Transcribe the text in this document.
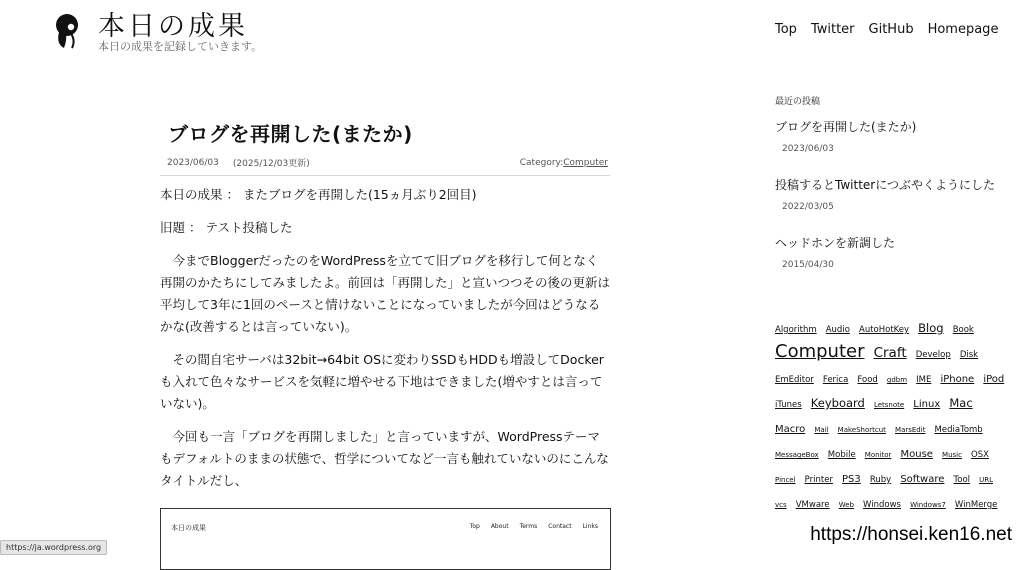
本日の成果
本日の成果を記録していきます。
Top Twitter GitHub Homepage
ブログを再開した(またか)
2023/06/03 (2025/12/03更新)	Category:Computer

本日の成果 ： またブログを再開した(15ヵ月ぶり2回目)

旧題 ： テスト投稿した

今までBloggerだったのをWordPressを立てて旧ブログを移行して何となく再開のかたちにしてみましたよ。前回は「再開した」と宣いつつその後の更新は平均して3年に1回のペースと情けないことになっていましたが今回はどうなるかな(改善するとは言っていない)。

その間自宅サーバは32bit→64bit OSに変わりSSDもHDDも増設してDockerも入れて色々なサービスを気軽に増やせる下地はできました(増やすとは言っていない)。

今回も一言「ブログを再開しました」と言っていますが、WordPressテーマもデフォルトのままの状態で、哲学についてなど一言も触れていないのにこんなタイトルだし、

本日の成果	Top About Terms Contact Links
https://ja.wordpress.org
最近の投稿
ブログを再開した(またか)
2023/06/03
投稿するとTwitterにつぶやくようにした
2022/03/05
ヘッドホンを新調した
2015/04/30
Algorithm Audio AutoHotKey Blog Book Computer Craft Develop Disk EmEditor Ferica Food gdbm IME iPhone iPod iTunes Keyboard Letsnote Linux Mac Macro Mail MakeShortcut MarsEdit MediaTomb MessageBox Mobile Monitor Mouse Music OSX Pincel Printer PS3 Ruby Software Tool URL vcs VMware Web Windows Windows7 WinMerge
https://honsei.ken16.net
